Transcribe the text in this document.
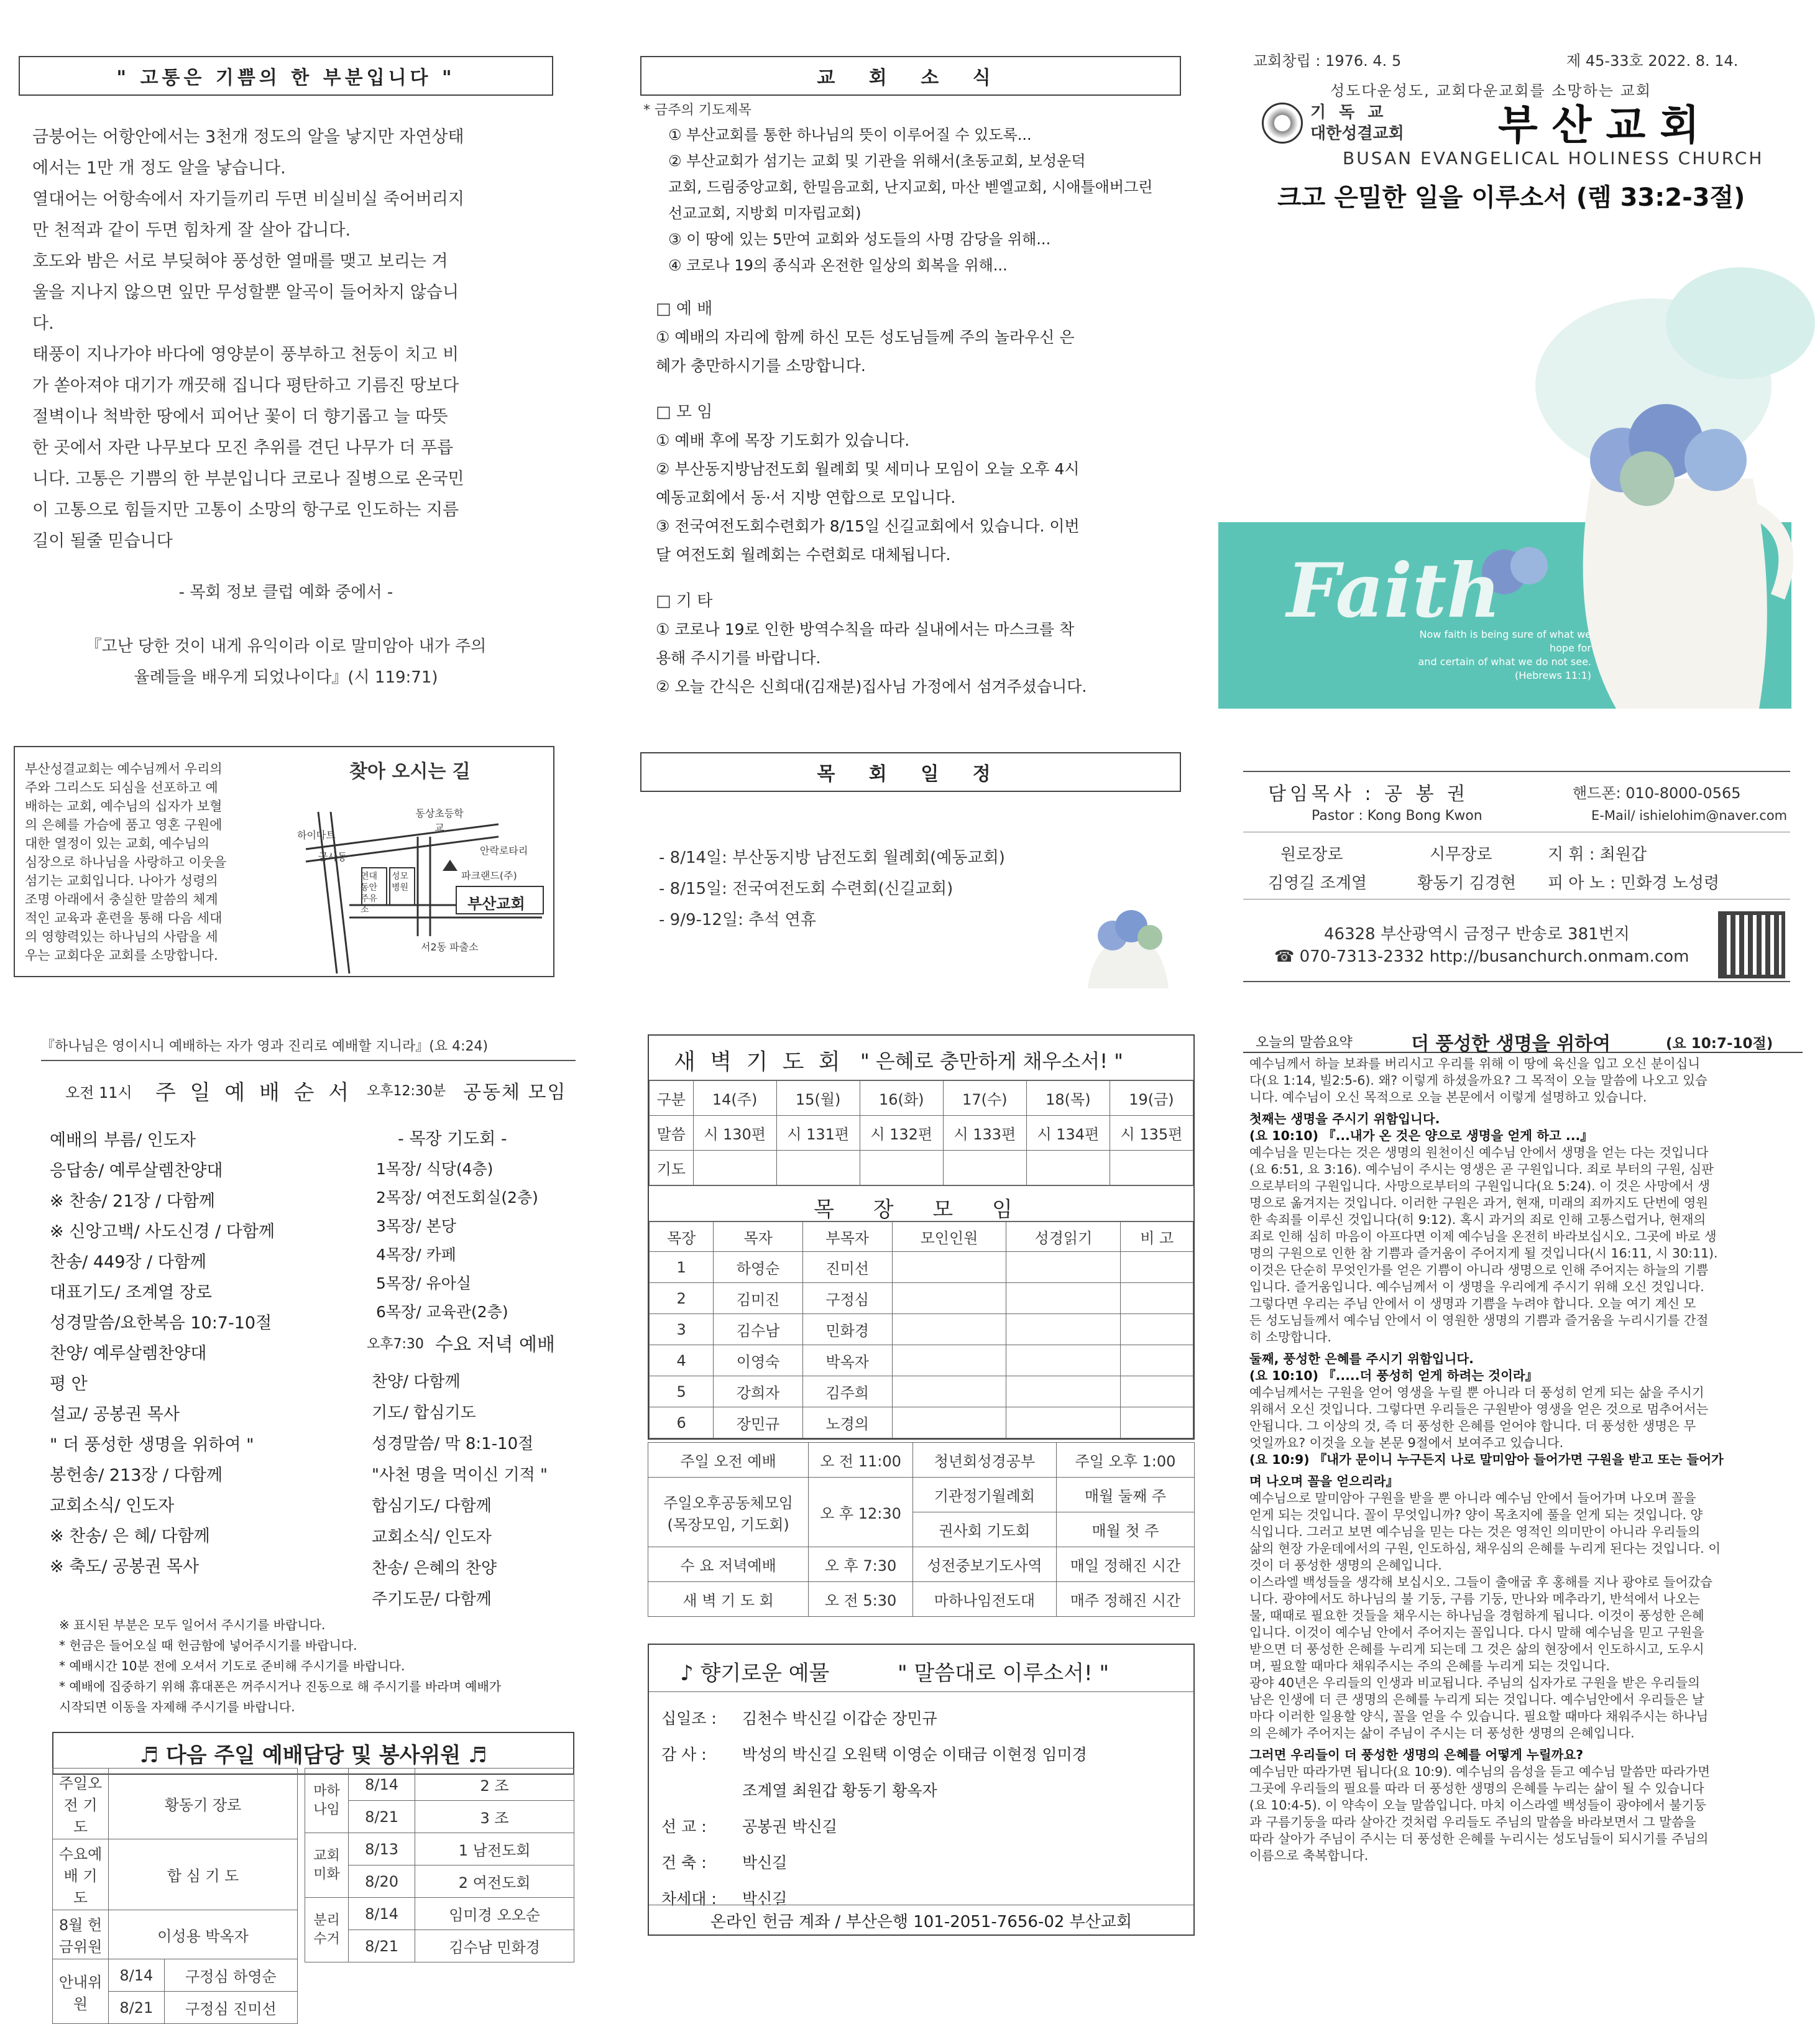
" 고통은 기쁨의 한 부분입니다 "
금붕어는 어항안에서는 3천개 정도의 알을 낳지만 자연상태
에서는 1만 개 정도 알을 낳습니다.
열대어는 어항속에서 자기들끼리 두면 비실비실 죽어버리지
만 천적과 같이 두면 힘차게 잘 살아 갑니다.
호도와 밤은 서로 부딪혀야 풍성한 열매를 맺고 보리는 겨
울을 지나지 않으면 잎만 무성할뿐 알곡이 들어차지 않습니
다.
태풍이 지나가야 바다에 영양분이 풍부하고 천둥이 치고 비
가 쏟아져야 대기가 깨끗해 집니다 평탄하고 기름진 땅보다
절벽이나 척박한 땅에서 피어난 꽃이 더 향기롭고 늘 따뜻
한 곳에서 자란 나무보다 모진 추위를 견딘 나무가 더 푸릅
니다. 고통은 기쁨의 한 부분입니다 코로나 질병으로 온국민
이 고통으로 힘들지만 고통이 소망의 항구로 인도하는 지름
길이 될줄 믿습니다
- 목회 정보 클럽 예화 중에서 -
『고난 당한 것이 내게 유익이라 이로 말미암아 내가 주의
율례들을 배우게 되었나이다』(시 119:71)
부산성결교회는 예수님께서 우리의
주와 그리스도 되심을 선포하고 예
배하는 교회, 예수님의 십자가 보혈
의 은혜를 가슴에 품고 영혼 구원에
대한 열정이 있는 교회, 예수님의
심장으로 하나님을 사랑하고 이웃을
섬기는 교회입니다. 나아가 성령의
조명 아래에서 충실한 말씀의 체계
적인 교육과 훈련을 통해 다음 세대
의 영향력있는 하나님의 사람을 세
우는 교회다운 교회를 소망합니다.
찾아 오시는 길
하이마트
금사동
동상초등학교
안락로타리
연대동안주유소
성모병원
파크랜드(주)
서2동 파출소
부산교회
교 회 소 식
* 금주의 기도제목
① 부산교회를 통한 하나님의 뜻이 이루어질 수 있도록...
② 부산교회가 섬기는 교회 및 기관을 위해서(초동교회, 보성운덕
교회, 드림중앙교회, 한밀음교회, 난지교회, 마산 벧엘교회, 시애틀애버그린
선교교회, 지방회 미자립교회)
③ 이 땅에 있는 5만여 교회와 성도들의 사명 감당을 위해...
④ 코로나 19의 종식과 온전한 일상의 회복을 위해...
□ 예 배
① 예배의 자리에 함께 하신 모든 성도님들께 주의 놀라우신 은
혜가 충만하시기를 소망합니다.
□ 모 임
① 예배 후에 목장 기도회가 있습니다.
② 부산동지방남전도회 월례회 및 세미나 모임이 오늘 오후 4시
예동교회에서 동·서 지방 연합으로 모입니다.
③ 전국여전도회수련회가 8/15일 신길교회에서 있습니다. 이번
달 여전도회 월례회는 수련회로 대체됩니다.
□ 기 타
① 코로나 19로 인한 방역수칙을 따라 실내에서는 마스크를 착
용해 주시기를 바랍니다.
② 오늘 간식은 신희대(김재분)집사님 가정에서 섬겨주셨습니다.
목 회 일 정
- 8/14일: 부산동지방 남전도회 월례회(예동교회)
- 8/15일: 전국여전도회 수련회(신길교회)
- 9/9-12일: 추석 연휴
교회창립 : 1976. 4. 5	제 45-33호 2022. 8. 14.
성도다운성도, 교회다운교회를 소망하는 교회
기 독 교
대한성결교회 부 산 교 회
BUSAN EVANGELICAL HOLINESS CHURCH
크고 은밀한 일을 이루소서 (렘 33:2-3절)
Faith
Now faith is being sure of what we hope for
and certain of what we do not see.
(Hebrews 11:1)
담임목사 : 공 봉 권	핸드폰: 010-8000-0565
Pastor : Kong Bong Kwon	E-Mail/ ishielohim@naver.com
원로장로
김영길 조계열
시무장로
황동기 김경현
지 휘 : 최원갑
피 아 노 : 민화경 노성령
46328 부산광역시 금정구 반송로 381번지
☎ 070-7313-2332 http://busanchurch.onmam.com
『하나님은 영이시니 예배하는 자가 영과 진리로 예배할 지니라』(요 4:24)
오전 11시 주 일 예 배 순 서
예배의 부름/ 인도자
응답송/ 예루살렘찬양대
※ 찬송/ 21장 / 다함께
※ 신앙고백/ 사도신경 / 다함께
찬송/ 449장 / 다함께
대표기도/ 조계열 장로
성경말씀/요한복음 10:7-10절
찬양/ 예루살렘찬양대
평 안
설교/ 공봉권 목사
" 더 풍성한 생명을 위하여 "
봉헌송/ 213장 / 다함께
교회소식/ 인도자
※ 찬송/ 은 혜/ 다함께
※ 축도/ 공봉권 목사
오후12:30분 공동체 모임
- 목장 기도회 -
1목장/ 식당(4층)
2목장/ 여전도회실(2층)
3목장/ 본당
4목장/ 카페
5목장/ 유아실
6목장/ 교육관(2층)
오후7:30 수요 저녁 예배
찬양/ 다함께
기도/ 합심기도
성경말씀/ 막 8:1-10절
"사천 명을 먹이신 기적 "
합심기도/ 다함께
교회소식/ 인도자
찬송/ 은혜의 찬양
주기도문/ 다함께
※ 표시된 부분은 모두 일어서 주시기를 바랍니다.
* 헌금은 들어오실 때 헌금함에 넣어주시기를 바랍니다.
* 예배시간 10분 전에 오셔서 기도로 준비해 주시기를 바랍니다.
* 예배에 집중하기 위해 휴대폰은 꺼주시거나 진동으로 해 주시기를 바라며 예배가
시작되면 이동을 자제해 주시기를 바랍니다.
♬ 다음 주일 예배담당 및 봉사위원 ♬
주일오전 기도	황동기 장로	
수요예배 기도	합 심 기 도	
8월 헌금위원	이성용 박옥자	
안내위원	8/14	구정심 하영순
	8/21	구정심 진미선
마하나임	8/14	2 조
	8/21	3 조
교회미화	8/13	1 남전도회
	8/20	2 여전도회
분리수거	8/14	임미경 오오순
	8/21	김수남 민화경
새 벽 기 도 회 " 은혜로 충만하게 채우소서! "
구분	14(주)	15(월)	16(화)	17(수)	18(목)	19(금)
말씀	시 130편	시 131편	시 132편	시 133편	시 134편	시 135편
기도						
목 장 모 임
목장	목자	부목자	모인인원	성경읽기	비 고
1	하영순	진미선			
2	김미진	구정심			
3	김수남	민화경			
4	이영숙	박옥자			
5	강희자	김주희			
6	장민규	노경의			
주일 오전 예배	오 전 11:00	청년회성경공부	주일 오후 1:00
주일오후공동체모임
(목장모임, 기도회)	오 후 12:30	기관정기월례회	매월 둘째 주
		권사회 기도회	매월 첫 주
수 요 저녁예배	오 후 7:30	성전중보기도사역	매일 정해진 시간
새 벽 기 도 회	오 전 5:30	마하나임전도대	매주 정해진 시간
♪ 향기로운 예물	" 말씀대로 이루소서! "
십일조 : 김천수 박신길 이갑순 장민규
감 사 : 박성의 박신길 오원택 이영순 이태금 이현정 임미경
조계열 최원갑 황동기 황옥자
선 교 : 공봉권 박신길
건 축 : 박신길
차세대 : 박신길
온라인 헌금 계좌 / 부산은행 101-2051-7656-02 부산교회
오늘의 말씀요약	더 풍성한 생명을 위하여	(요 10:7-10절)
예수님께서 하늘 보좌를 버리시고 우리를 위해 이 땅에 육신을 입고 오신 분이십니
다(요 1:14, 빌2:5-6). 왜? 이렇게 하셨을까요? 그 목적이 오늘 말씀에 나오고 있습
니다. 예수님이 오신 목적으로 오늘 본문에서 이렇게 설명하고 있습니다.
첫째는 생명을 주시기 위함입니다.
(요 10:10) 『...내가 온 것은 양으로 생명을 얻게 하고 ...』
예수님을 믿는다는 것은 생명의 원천이신 예수님 안에서 생명을 얻는 다는 것입니다
(요 6:51, 요 3:16). 예수님이 주시는 영생은 곧 구원입니다. 죄로 부터의 구원, 심판
으로부터의 구원입니다. 사망으로부터의 구원입니다(요 5:24). 이 것은 사망에서 생
명으로 옮겨지는 것입니다. 이러한 구원은 과거, 현재, 미래의 죄까지도 단번에 영원
한 속죄를 이루신 것입니다(히 9:12). 혹시 과거의 죄로 인해 고통스럽거나, 현재의
죄로 인해 심히 마음이 아프다면 이제 예수님을 온전히 바라보십시오. 그곳에 바로 생
명의 구원으로 인한 참 기쁨과 즐거움이 주어지게 될 것입니다(시 16:11, 시 30:11).
이것은 단순히 무엇인가를 얻은 기쁨이 아니라 생명으로 인해 주어지는 하늘의 기쁨
입니다. 즐거움입니다. 예수님께서 이 생명을 우리에게 주시기 위해 오신 것입니다.
그렇다면 우리는 주님 안에서 이 생명과 기쁨을 누려야 합니다. 오늘 여기 계신 모
든 성도님들께서 예수님 안에서 이 영원한 생명의 기쁨과 즐거움을 누리시기를 간절
히 소망합니다.
둘째, 풍성한 은혜를 주시기 위함입니다.
(요 10:10) 『.....더 풍성히 얻게 하려는 것이라』
예수님께서는 구원을 얻어 영생을 누릴 뿐 아니라 더 풍성히 얻게 되는 삶을 주시기
위해서 오신 것입니다. 그렇다면 우리들은 구원받아 영생을 얻은 것으로 멈추어서는
안됩니다. 그 이상의 것, 즉 더 풍성한 은혜를 얻어야 합니다. 더 풍성한 생명은 무
엇일까요? 이것을 오늘 본문 9절에서 보여주고 있습니다.
(요 10:9) 『내가 문이니 누구든지 나로 말미암아 들어가면 구원을 받고 또는 들어가
며 나오며 꼴을 얻으리라』
예수님으로 말미암아 구원을 받을 뿐 아니라 예수님 안에서 들어가며 나오며 꼴을
얻게 되는 것입니다. 꼴이 무엇입니까? 양이 목초지에 풀을 얻게 되는 것입니다. 양
식입니다. 그러고 보면 예수님을 믿는 다는 것은 영적인 의미만이 아니라 우리들의
삶의 현장 가운데에서의 구원, 인도하심, 채우심의 은혜를 누리게 된다는 것입니다. 이
것이 더 풍성한 생명의 은혜입니다.
이스라엘 백성들을 생각해 보십시오. 그들이 출애굽 후 홍해를 지나 광야로 들어갔습
니다. 광야에서도 하나님의 불 기둥, 구름 기둥, 만나와 메추라기, 반석에서 나오는
물, 때때로 필요한 것들을 채우시는 하나님을 경험하게 됩니다. 이것이 풍성한 은혜
입니다. 이것이 예수님 안에서 주어지는 꼴입니다. 다시 말해 예수님을 믿고 구원을
받으면 더 풍성한 은혜를 누리게 되는데 그 것은 삶의 현장에서 인도하시고, 도우시
며, 필요할 때마다 채워주시는 주의 은혜를 누리게 되는 것입니다.
광야 40년은 우리들의 인생과 비교됩니다. 주님의 십자가로 구원을 받은 우리들의
남은 인생에 더 큰 생명의 은혜를 누리게 되는 것입니다. 예수님안에서 우리들은 날
마다 이러한 일용할 양식, 꼴을 얻을 수 있습니다. 필요할 때마다 채워주시는 하나님
의 은혜가 주어지는 삶이 주님이 주시는 더 풍성한 생명의 은혜입니다.
그러면 우리들이 더 풍성한 생명의 은혜를 어떻게 누릴까요?
예수님만 따라가면 됩니다(요 10:9). 예수님의 음성을 듣고 예수님 말씀만 따라가면
그곳에 우리들의 필요를 따라 더 풍성한 생명의 은혜를 누리는 삶이 될 수 있습니다
(요 10:4-5). 이 약속이 오늘 말씀입니다. 마치 이스라엘 백성들이 광야에서 불기둥
과 구름기둥을 따라 살아간 것처럼 우리들도 주님의 말씀을 바라보면서 그 말씀을
따라 살아가 주님이 주시는 더 풍성한 은혜를 누리시는 성도님들이 되시기를 주님의
이름으로 축복합니다.
